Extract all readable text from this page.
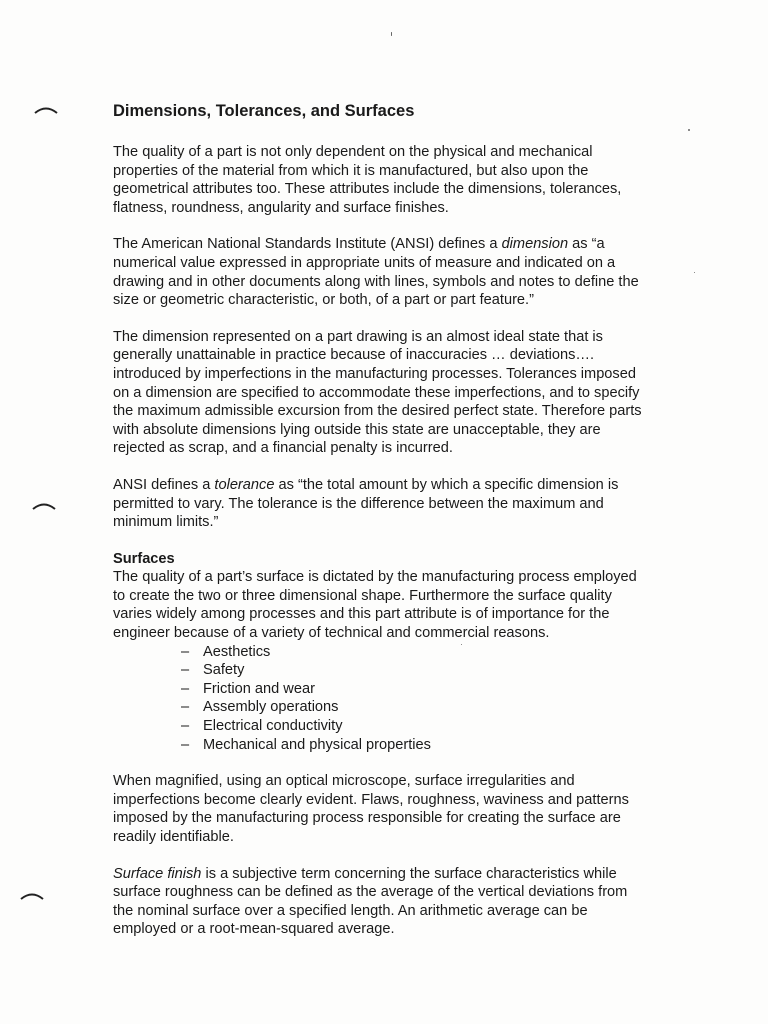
Dimensions, Tolerances, and Surfaces

The quality of a part is not only dependent on the physical and mechanical properties of the material from which it is manufactured, but also upon the geometrical attributes too. These attributes include the dimensions, tolerances, flatness, roundness, angularity and surface finishes.

The American National Standards Institute (ANSI) defines a dimension as “a numerical value expressed in appropriate units of measure and indicated on a drawing and in other documents along with lines, symbols and notes to define the size or geometric characteristic, or both, of a part or part feature.”

The dimension represented on a part drawing is an almost ideal state that is generally unattainable in practice because of inaccuracies … deviations…. introduced by imperfections in the manufacturing processes. Tolerances imposed on a dimension are specified to accommodate these imperfections, and to specify the maximum admissible excursion from the desired perfect state. Therefore parts with absolute dimensions lying outside this state are unacceptable, they are rejected as scrap, and a financial penalty is incurred.

ANSI defines a tolerance as “the total amount by which a specific dimension is permitted to vary. The tolerance is the difference between the maximum and minimum limits.”

Surfaces

The quality of a part’s surface is dictated by the manufacturing process employed to create the two or three dimensional shape. Furthermore the surface quality varies widely among processes and this part attribute is of importance for the engineer because of a variety of technical and commercial reasons.

– Aesthetics
– Safety
– Friction and wear
– Assembly operations
– Electrical conductivity
– Mechanical and physical properties

When magnified, using an optical microscope, surface irregularities and imperfections become clearly evident. Flaws, roughness, waviness and patterns imposed by the manufacturing process responsible for creating the surface are readily identifiable.

Surface finish is a subjective term concerning the surface characteristics while surface roughness can be defined as the average of the vertical deviations from the nominal surface over a specified length. An arithmetic average can be employed or a root-mean-squared average.
